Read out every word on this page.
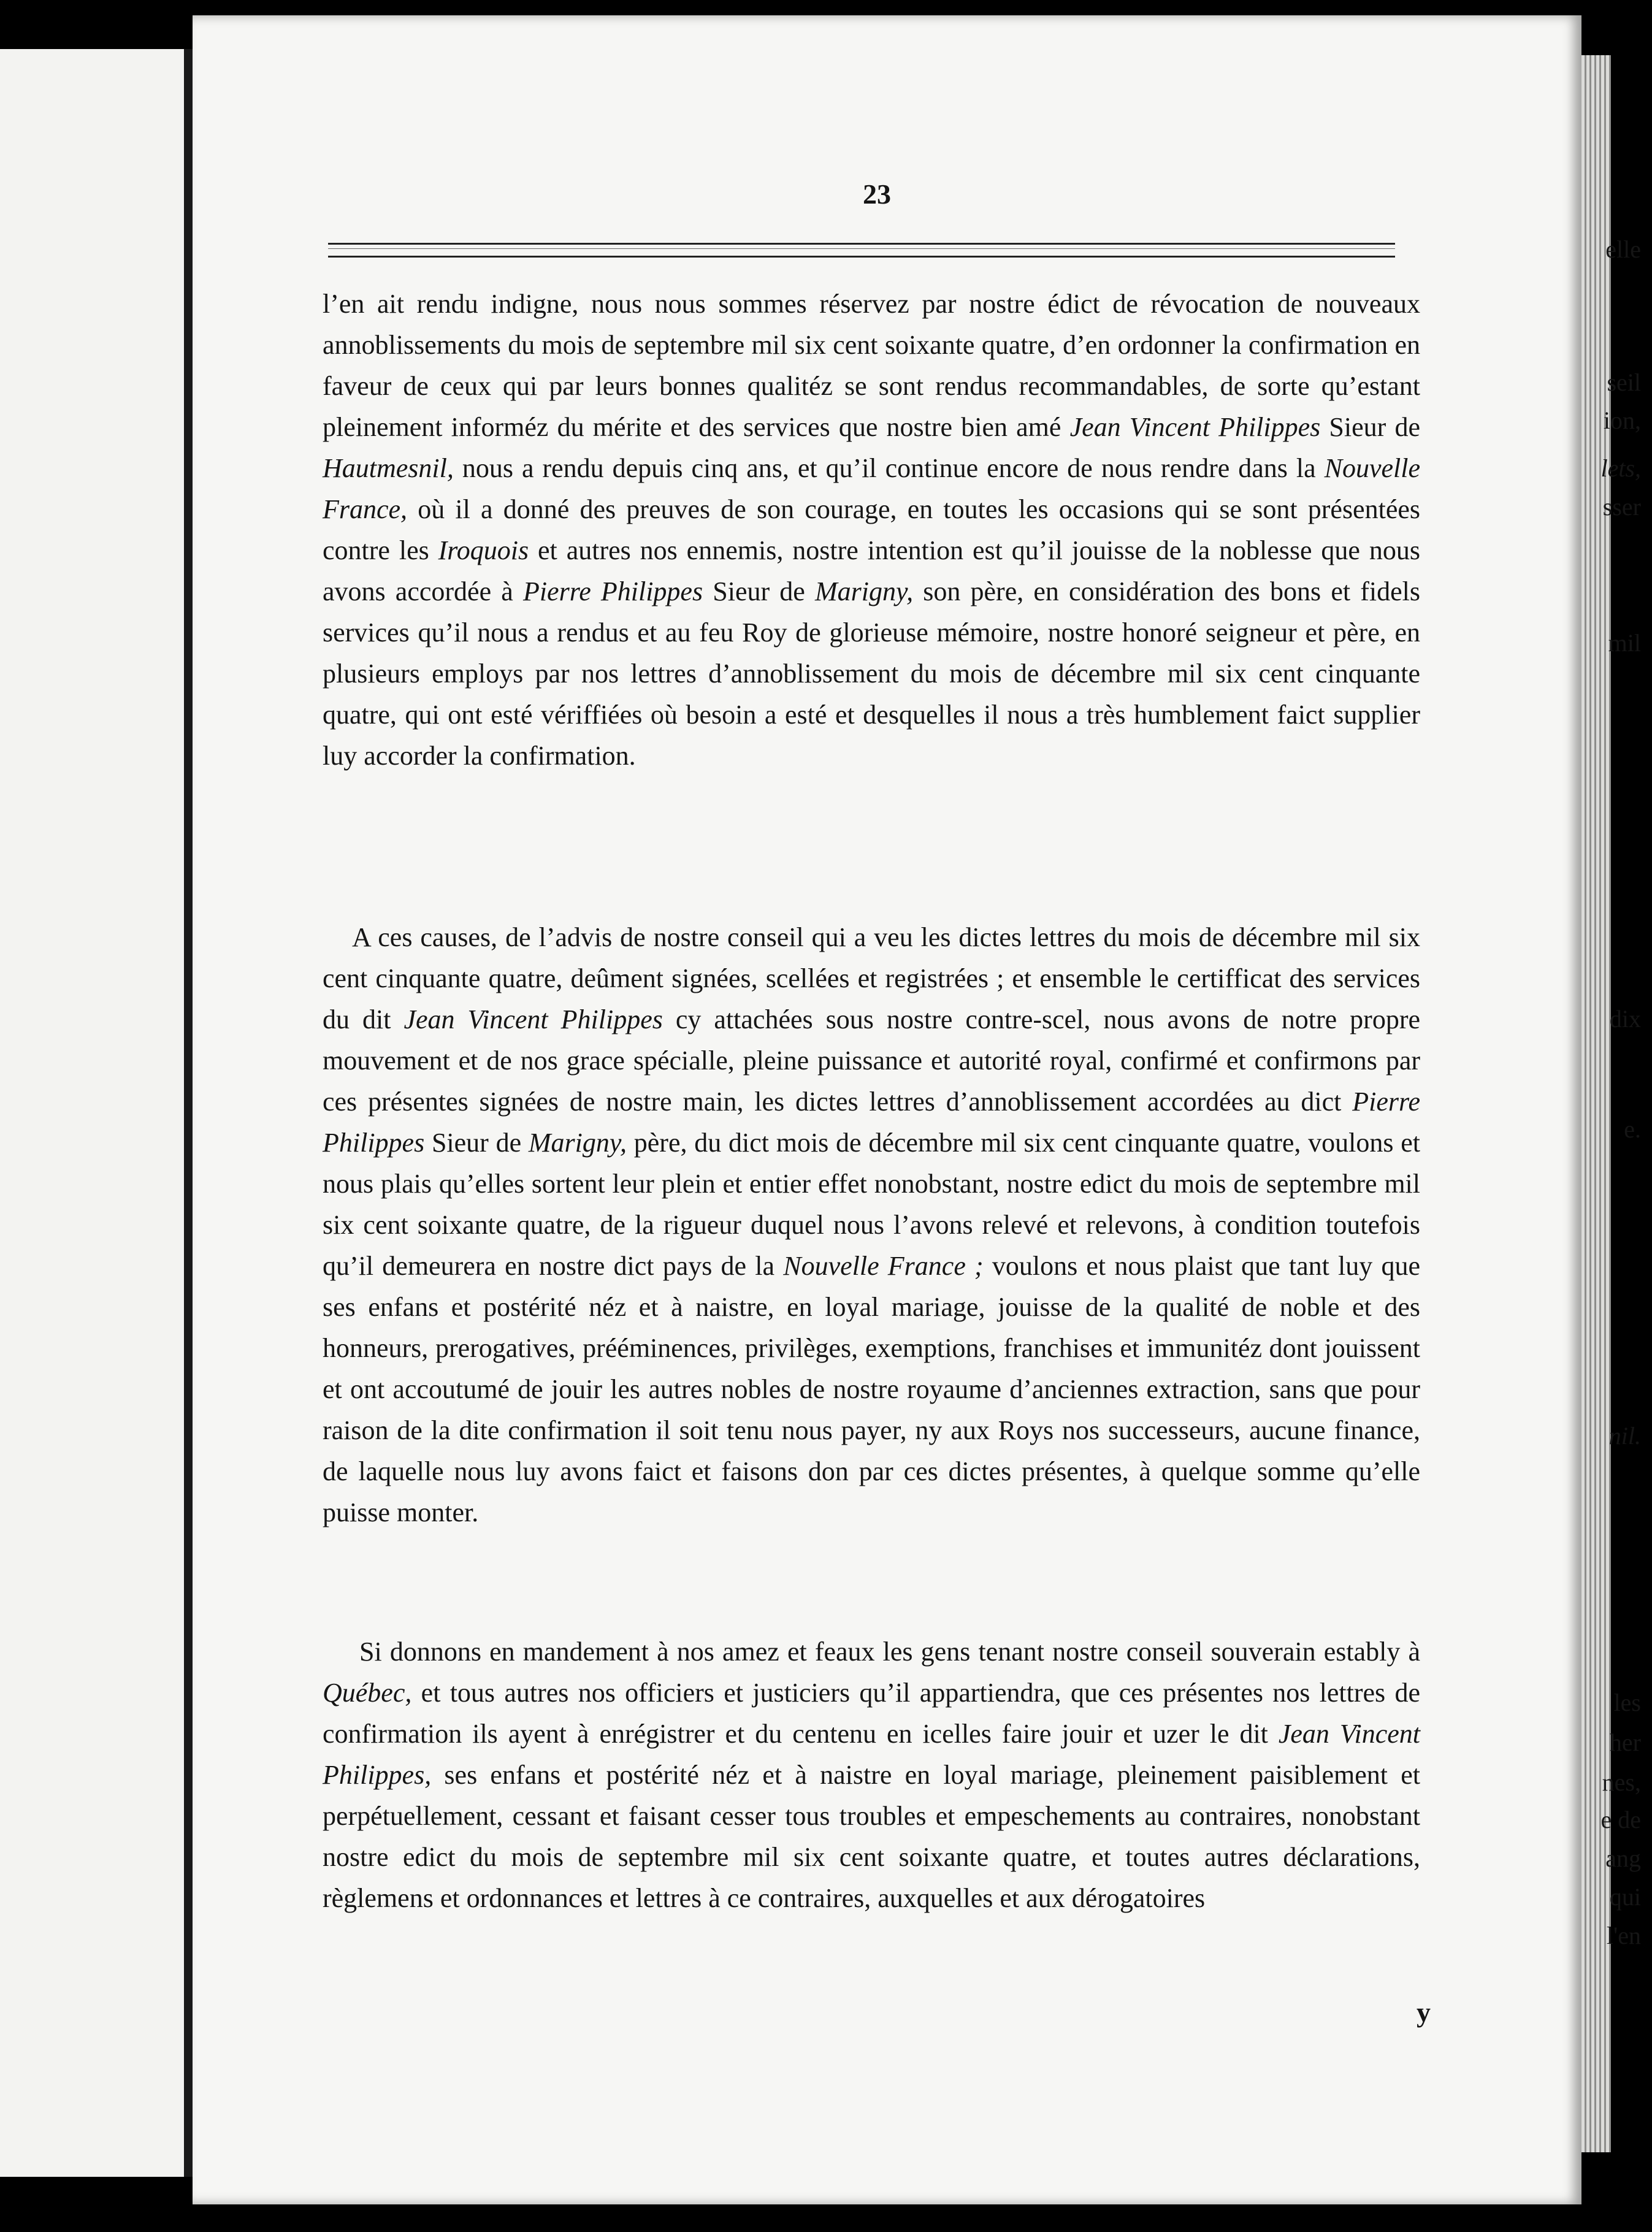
elle
seil
ion,
lets,
sser
mil
dix
e.
nil.
les
her
nes,
e de
ang
qui
l'en
23
l’en ait rendu indigne, nous nous sommes réservez par nostre édict de révocation de nouveaux annoblissements du mois de septembre mil six cent soixante quatre, d’en ordonner la confirmation en faveur de ceux qui par leurs bonnes qualitéz se sont rendus recommandables, de sorte qu’estant pleinement informéz du mérite et des services que nostre bien amé Jean Vincent Philippes Sieur de Hautmesnil, nous a rendu depuis cinq ans, et qu’il continue encore de nous rendre dans la Nouvelle France, où il a donné des preuves de son courage, en toutes les occasions qui se sont présentées contre les Iroquois et autres nos ennemis, nostre intention est qu’il jouisse de la noblesse que nous avons accordée à Pierre Philippes Sieur de Marigny, son père, en considération des bons et fidels services qu’il nous a rendus et au feu Roy de glorieuse mémoire, nostre honoré seigneur et père, en plusieurs employs par nos lettres d’annoblissement du mois de décembre mil six cent cinquante quatre, qui ont esté vériffiées où besoin a esté et desquelles il nous a très humblement faict supplier luy accorder la confirmation.
A ces causes, de l’advis de nostre conseil qui a veu les dictes lettres du mois de décembre mil six cent cinquante quatre, deûment signées, scellées et registrées ; et ensemble le certifficat des services du dit Jean Vincent Philippes cy attachées sous nostre contre-scel, nous avons de notre propre mouvement et de nos grace spécialle, pleine puissance et autorité royal, confirmé et confirmons par ces présentes signées de nostre main, les dictes lettres d’annoblissement accordées au dict Pierre Philippes Sieur de Marigny, père, du dict mois de décembre mil six cent cinquante quatre, voulons et nous plais qu’elles sortent leur plein et entier effet nonobstant, nostre edict du mois de septembre mil six cent soixante quatre, de la rigueur duquel nous l’avons relevé et relevons, à condition toutefois qu’il demeurera en nostre dict pays de la Nouvelle France ; voulons et nous plaist que tant luy que ses enfans et postérité néz et à naistre, en loyal mariage, jouisse de la qualité de noble et des honneurs, prerogatives, prééminences, privilèges, exemptions, franchises et immunitéz dont jouissent et ont accoutumé de jouir les autres nobles de nostre royaume d’anciennes extraction, sans que pour raison de la dite confirmation il soit tenu nous payer, ny aux Roys nos successeurs, aucune finance, de laquelle nous luy avons faict et faisons don par ces dictes présentes, à quelque somme qu’elle puisse monter.
Si donnons en mandement à nos amez et feaux les gens tenant nostre conseil souverain estably à Québec, et tous autres nos officiers et justiciers qu’il appartiendra, que ces présentes nos lettres de confirmation ils ayent à enrégistrer et du centenu en icelles faire jouir et uzer le dit Jean Vincent Philippes, ses enfans et postérité néz et à naistre en loyal mariage, pleinement paisiblement et perpétuellement, cessant et faisant cesser tous troubles et empeschements au contraires, nonobstant nostre edict du mois de septembre mil six cent soixante quatre, et toutes autres déclarations, règlemens et ordonnances et lettres à ce contraires, auxquelles et aux dérogatoires
y
